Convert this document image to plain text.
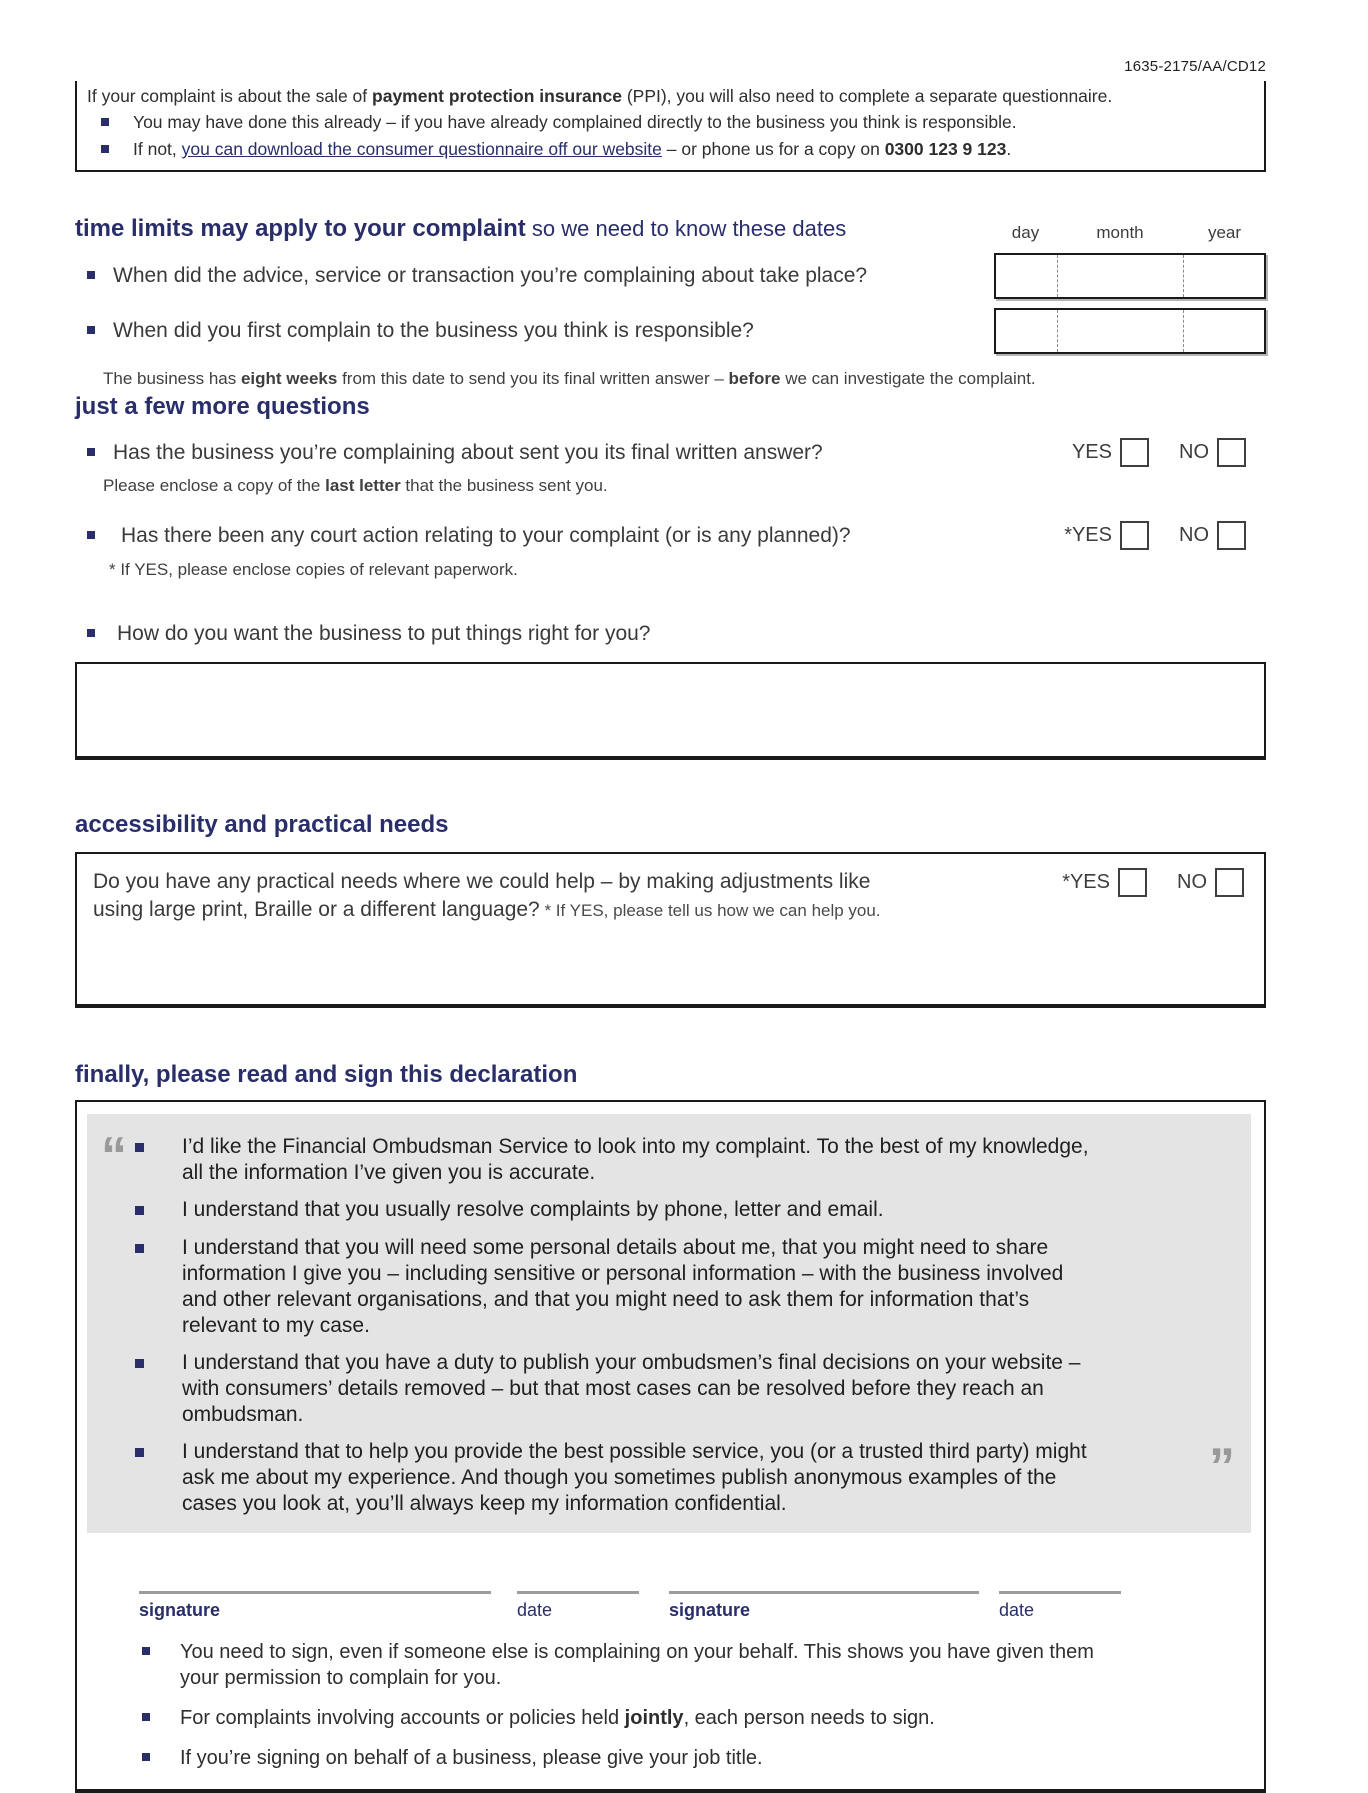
1635-2175/AA/CD12
If your complaint is about the sale of payment protection insurance (PPI), you will also need to complete a separate questionnaire.
You may have done this already – if you have already complained directly to the business you think is responsible.
If not, you can download the consumer questionnaire off our website – or phone us for a copy on 0300 123 9 123.
time limits may apply to your complaint so we need to know these dates	day	month	year
When did the advice, service or transaction you’re complaining about take place?
When did you first complain to the business you think is responsible?
The business has eight weeks from this date to send you its final written answer – before we can investigate the complaint.
just a few more questions
Has the business you’re complaining about sent you its final written answer?	YES	NO
Please enclose a copy of the last letter that the business sent you.
Has there been any court action relating to your complaint (or is any planned)?	*YES	NO
* If YES, please enclose copies of relevant paperwork.
How do you want the business to put things right for you?
accessibility and practical needs
Do you have any practical needs where we could help – by making adjustments like using large print, Braille or a different language? * If YES, please tell us how we can help you.
*YES	NO
finally, please read and sign this declaration
“
”
I’d like the Financial Ombudsman Service to look into my complaint. To the best of my knowledge, all the information I’ve given you is accurate.
I understand that you usually resolve complaints by phone, letter and email.
I understand that you will need some personal details about me, that you might need to share information I give you – including sensitive or personal information – with the business involved and other relevant organisations, and that you might need to ask them for information that’s relevant to my case.
I understand that you have a duty to publish your ombudsmen’s final decisions on your website – with consumers’ details removed – but that most cases can be resolved before they reach an ombudsman.
I understand that to help you provide the best possible service, you (or a trusted third party) might ask me about my experience. And though you sometimes publish anonymous examples of the cases you look at, you’ll always keep my information confidential.
signature	date	signature	date
You need to sign, even if someone else is complaining on your behalf. This shows you have given them your permission to complain for you.
For complaints involving accounts or policies held jointly, each person needs to sign.
If you’re signing on behalf of a business, please give your job title.
